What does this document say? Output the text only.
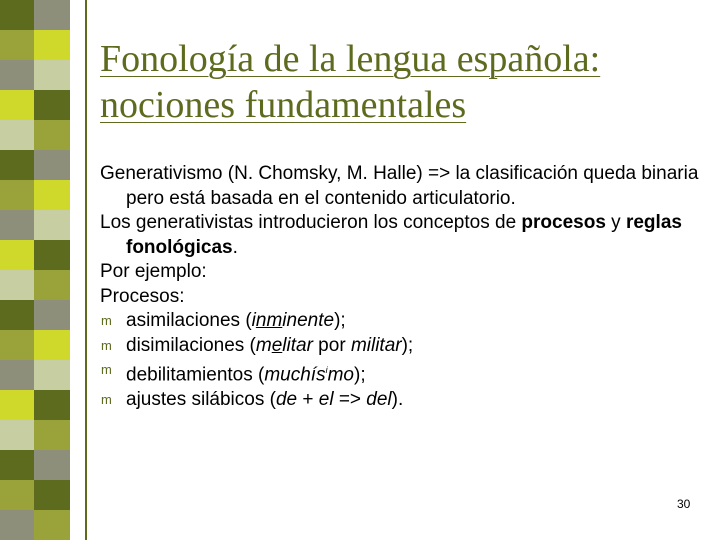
Fonología de la lengua española:
nociones fundamentales

Generativismo (N. Chomsky, M. Halle) => la clasificación queda binaria pero está basada en el contenido articulatorio.

Los generativistas introducieron los conceptos de procesos y reglas fonológicas.

Por ejemplo:

Procesos:

m asimilaciones (inminente);
m disimilaciones (melitar por militar);
m debilitamientos (muchís$^i$mo);
m ajustes silábicos (de + el => del).
30
